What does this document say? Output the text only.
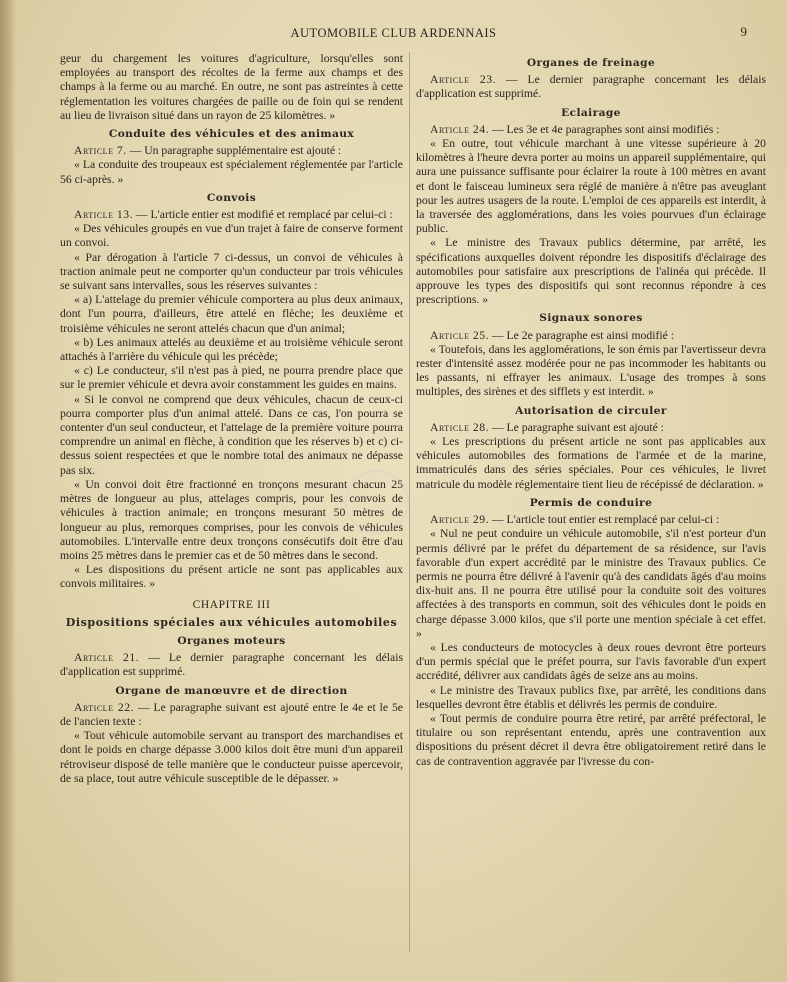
AUTOMOBILE CLUB ARDENNAIS	9

geur du chargement les voitures d'agriculture, lorsqu'elles sont employées au transport des récoltes de la ferme aux champs et des champs à la ferme ou au marché. En outre, ne sont pas astreintes à cette réglementation les voitures chargées de paille ou de foin qui se rendent au lieu de livraison situé dans un rayon de 25 kilomètres. »

Conduite des véhicules et des animaux

Article 7. — Un paragraphe supplémentaire est ajouté :

« La conduite des troupeaux est spécialement réglementée par l'article 56 ci-après. »

Convois

Article 13. — L'article entier est modifié et remplacé par celui-ci :

« Des véhicules groupés en vue d'un trajet à faire de conserve forment un convoi.

« Par dérogation à l'article 7 ci-dessus, un convoi de véhicules à traction animale peut ne comporter qu'un conducteur par trois véhicules se suivant sans intervalles, sous les réserves suivantes :

« a) L'attelage du premier véhicule comportera au plus deux animaux, dont l'un pourra, d'ailleurs, être attelé en flèche; les deuxième et troisième véhicules ne seront attelés chacun que d'un animal;

« b) Les animaux attelés au deuxième et au troisième véhicule seront attachés à l'arrière du véhicule qui les précède;

« c) Le conducteur, s'il n'est pas à pied, ne pourra prendre place que sur le premier véhicule et devra avoir constamment les guides en mains.

« Si le convoi ne comprend que deux véhicules, chacun de ceux-ci pourra comporter plus d'un animal attelé. Dans ce cas, l'on pourra se contenter d'un seul conducteur, et l'attelage de la première voiture pourra comprendre un animal en flèche, à condition que les réserves b) et c) ci-dessus soient respectées et que le nombre total des animaux ne dépasse pas six.

« Un convoi doit être fractionné en tronçons mesurant chacun 25 mètres de longueur au plus, attelages compris, pour les convois de véhicules à traction animale; en tronçons mesurant 50 mètres de longueur au plus, remorques comprises, pour les convois de véhicules automobiles. L'intervalle entre deux tronçons consécutifs doit être d'au moins 25 mètres dans le premier cas et de 50 mètres dans le second.

« Les dispositions du présent article ne sont pas applicables aux convois militaires. »

CHAPITRE III
Dispositions spéciales aux véhicules automobiles
Organes moteurs

Article 21. — Le dernier paragraphe concernant les délais d'application est supprimé.

Organe de manœuvre et de direction

Article 22. — Le paragraphe suivant est ajouté entre le 4e et le 5e de l'ancien texte :

« Tout véhicule automobile servant au transport des marchandises et dont le poids en charge dépasse 3.000 kilos doit être muni d'un appareil rétroviseur disposé de telle manière que le conducteur puisse apercevoir, de sa place, tout autre véhicule susceptible de le dépasser. »

Organes de freinage

Article 23. — Le dernier paragraphe concernant les délais d'application est supprimé.

Eclairage

Article 24. — Les 3e et 4e paragraphes sont ainsi modifiés :

« En outre, tout véhicule marchant à une vitesse supérieure à 20 kilomètres à l'heure devra porter au moins un appareil supplémentaire, qui aura une puissance suffisante pour éclairer la route à 100 mètres en avant et dont le faisceau lumineux sera réglé de manière à n'être pas aveuglant pour les autres usagers de la route. L'emploi de ces appareils est interdit, à la traversée des agglomérations, dans les voies pourvues d'un éclairage public.

« Le ministre des Travaux publics détermine, par arrêté, les spécifications auxquelles doivent répondre les dispositifs d'éclairage des automobiles pour satisfaire aux prescriptions de l'alinéa qui précède. Il approuve les types des dispositifs qui sont reconnus répondre à ces prescriptions. »

Signaux sonores

Article 25. — Le 2e paragraphe est ainsi modifié :

« Toutefois, dans les agglomérations, le son émis par l'avertisseur devra rester d'intensité assez modérée pour ne pas incommoder les habitants ou les passants, ni effrayer les animaux. L'usage des trompes à sons multiples, des sirènes et des sifflets y est interdit. »

Autorisation de circuler

Article 28. — Le paragraphe suivant est ajouté :

« Les prescriptions du présent article ne sont pas applicables aux véhicules automobiles des formations de l'armée et de la marine, immatriculés dans des séries spéciales. Pour ces véhicules, le livret matricule du modèle réglementaire tient lieu de récépissé de déclaration. »

Permis de conduire

Article 29. — L'article tout entier est remplacé par celui-ci :

« Nul ne peut conduire un véhicule automobile, s'il n'est porteur d'un permis délivré par le préfet du département de sa résidence, sur l'avis favorable d'un expert accrédité par le ministre des Travaux publics. Ce permis ne pourra être délivré à l'avenir qu'à des candidats âgés d'au moins dix-huit ans. Il ne pourra être utilisé pour la conduite soit des voitures affectées à des transports en commun, soit des véhicules dont le poids en charge dépasse 3.000 kilos, que s'il porte une mention spéciale à cet effet. »

« Les conducteurs de motocycles à deux roues devront être porteurs d'un permis spécial que le préfet pourra, sur l'avis favorable d'un expert accrédité, délivrer aux candidats âgés de seize ans au moins.

« Le ministre des Travaux publics fixe, par arrêté, les conditions dans lesquelles devront être établis et délivrés les permis de conduire.

« Tout permis de conduire pourra être retiré, par arrêté préfectoral, le titulaire ou son représentant entendu, après une contravention aux dispositions du présent décret il devra être obligatoirement retiré dans le cas de contravention aggravée par l'ivresse du con-
